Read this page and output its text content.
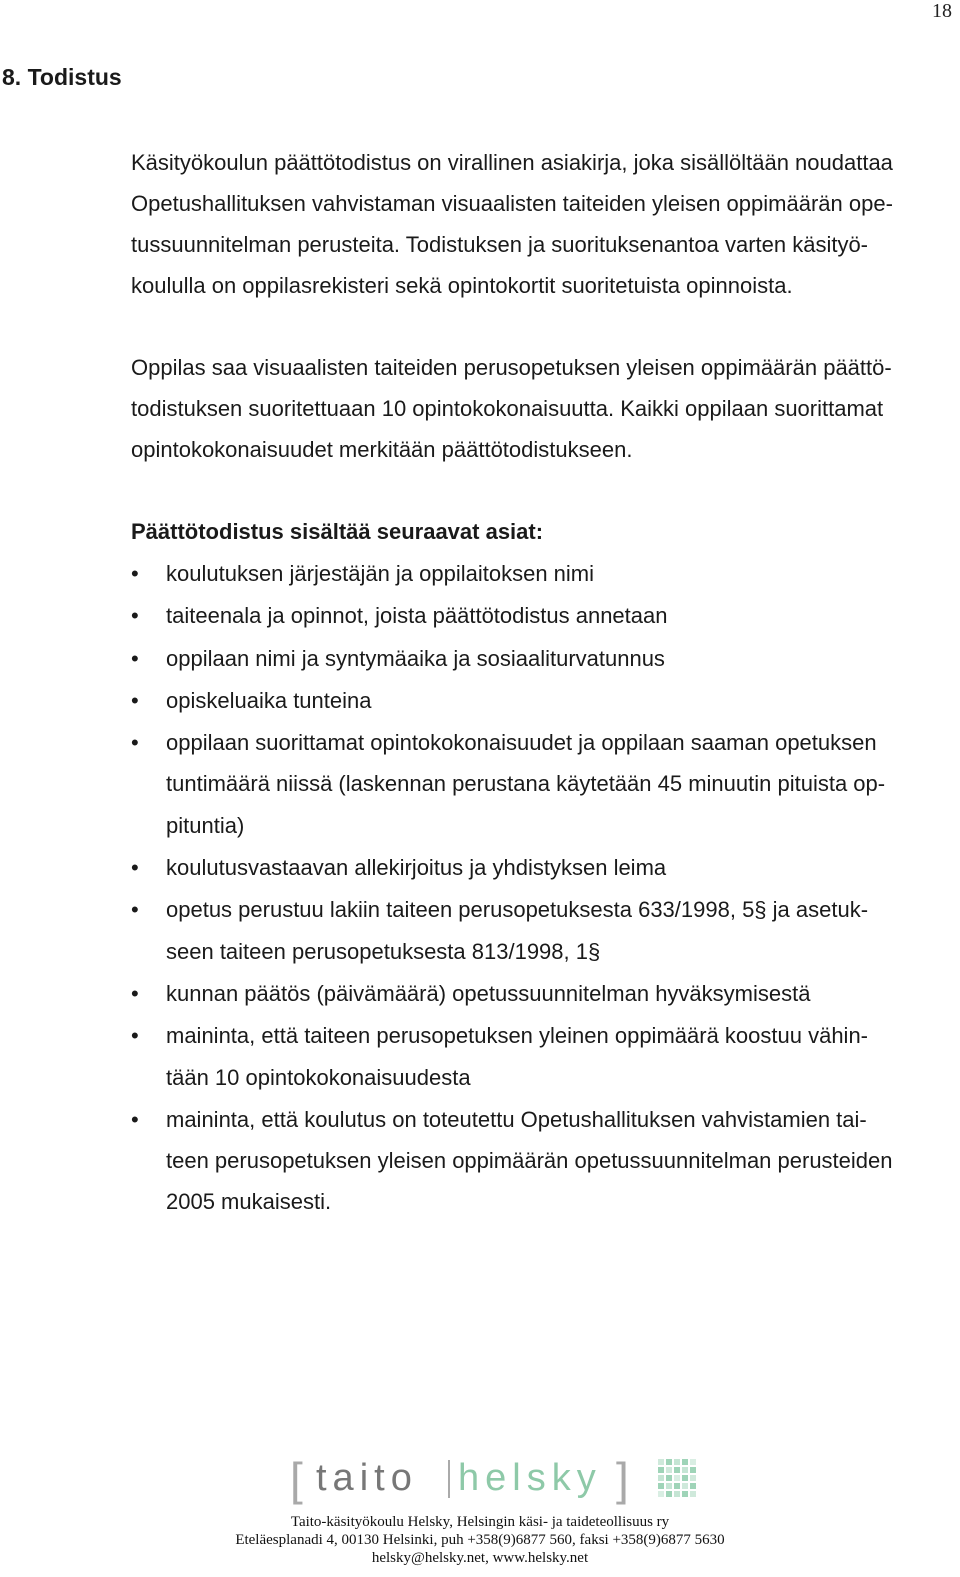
18
8. Todistus

Käsityökoulun päättötodistus on virallinen asiakirja, joka sisällöltään noudattaa
Opetushallituksen vahvistaman visuaalisten taiteiden yleisen oppimäärän ope-
tussuunnitelman perusteita. Todistuksen ja suorituksenantoa varten käsityö-
koululla on oppilasrekisteri sekä opintokortit suoritetuista opinnoista.

Oppilas saa visuaalisten taiteiden perusopetuksen yleisen oppimäärän päättö-
todistuksen suoritettuaan 10 opintokokonaisuutta. Kaikki oppilaan suorittamat
opintokokonaisuudet merkitään päättötodistukseen.

Päättötodistus sisältää seuraavat asiat:

• koulutuksen järjestäjän ja oppilaitoksen nimi
• taiteenala ja opinnot, joista päättötodistus annetaan
• oppilaan nimi ja syntymäaika ja sosiaaliturvatunnus
• opiskeluaika tunteina
• oppilaan suorittamat opintokokonaisuudet ja oppilaan saaman opetuksen
tuntimäärä niissä (laskennan perustana käytetään 45 minuutin pituista op-
pituntia)
• koulutusvastaavan allekirjoitus ja yhdistyksen leima
• opetus perustuu lakiin taiteen perusopetuksesta 633/1998, 5§ ja asetuk-
seen taiteen perusopetuksesta 813/1998, 1§
• kunnan päätös (päivämäärä) opetussuunnitelman hyväksymisestä
• maininta, että taiteen perusopetuksen yleinen oppimäärä koostuu vähin-
tään 10 opintokokonaisuudesta
• maininta, että koulutus on toteutettu Opetushallituksen vahvistamien tai-
teen perusopetuksen yleisen oppimäärän opetussuunnitelman perusteiden
2005 mukaisesti.
[ taito helsky ]
Taito-käsityökoulu Helsky, Helsingin käsi- ja taideteollisuus ry
Eteläesplanadi 4, 00130 Helsinki, puh +358(9)6877 560, faksi +358(9)6877 5630
helsky@helsky.net, www.helsky.net
